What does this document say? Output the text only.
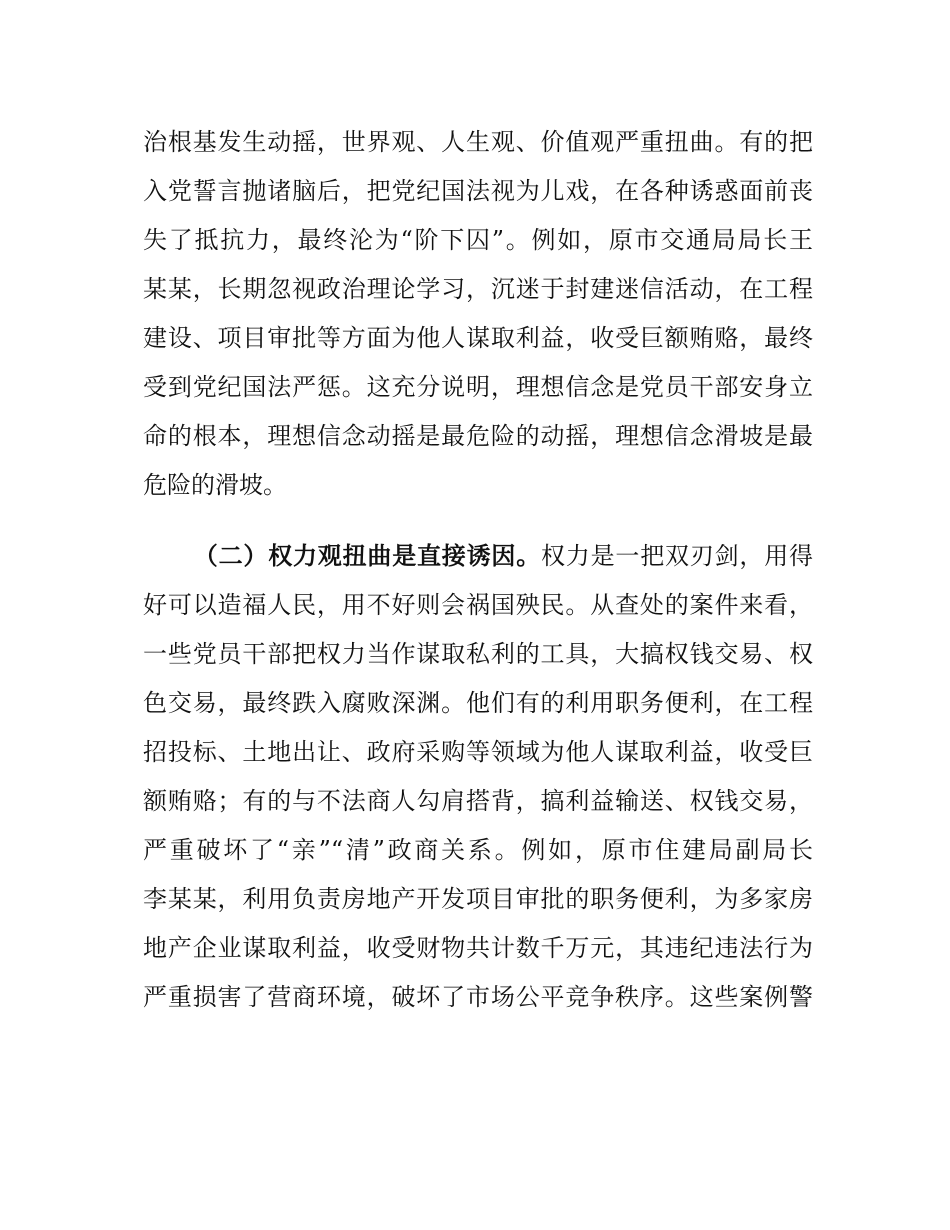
治根基发生动摇，世界观、人生观、价值观严重扭曲。有的把
入党誓言抛诸脑后，把党纪国法视为儿戏，在各种诱惑面前丧
失了抵抗力，最终沦为“阶下囚”。例如，原市交通局局长王
某某，长期忽视政治理论学习，沉迷于封建迷信活动，在工程
建设、项目审批等方面为他人谋取利益，收受巨额贿赂，最终
受到党纪国法严惩。这充分说明，理想信念是党员干部安身立
命的根本，理想信念动摇是最危险的动摇，理想信念滑坡是最
危险的滑坡。
（二）权力观扭曲是直接诱因。权力是一把双刃剑，用得
好可以造福人民，用不好则会祸国殃民。从查处的案件来看，
一些党员干部把权力当作谋取私利的工具，大搞权钱交易、权
色交易，最终跌入腐败深渊。他们有的利用职务便利，在工程
招投标、土地出让、政府采购等领域为他人谋取利益，收受巨
额贿赂；有的与不法商人勾肩搭背，搞利益输送、权钱交易，
严重破坏了“亲”“清”政商关系。例如，原市住建局副局长
李某某，利用负责房地产开发项目审批的职务便利，为多家房
地产企业谋取利益，收受财物共计数千万元，其违纪违法行为
严重损害了营商环境，破坏了市场公平竞争秩序。这些案例警
